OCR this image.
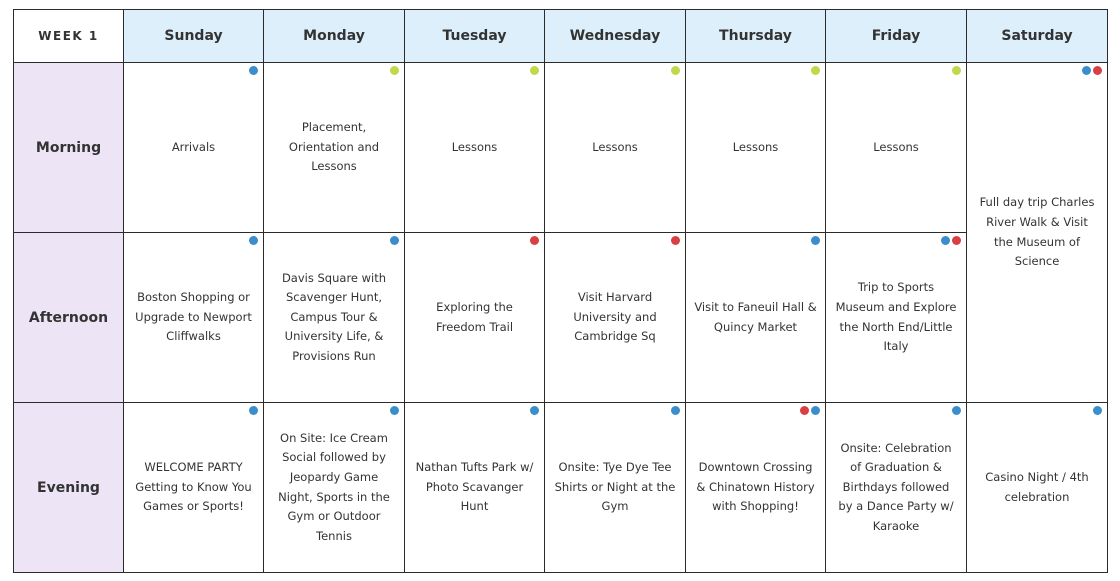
WEEK 1	Sunday	Monday	Tuesday	Wednesday	Thursday	Friday	Saturday
Morning	Arrivals	Placement, Orientation and Lessons	Lessons	Lessons	Lessons	Lessons	Full day trip Charles River Walk & Visit the Museum of Science

Afternoon	Boston Shopping or Upgrade to Newport Cliffwalks	Davis Square with Scavenger Hunt, Campus Tour & University Life, & Provisions Run	Exploring the Freedom Trail	Visit Harvard University and Cambridge Sq	Visit to Faneuil Hall & Quincy Market	Trip to Sports Museum and Explore the North End/Little Italy	

Evening	WELCOME PARTY Getting to Know You Games or Sports!	On Site: Ice Cream Social followed by Jeopardy Game Night, Sports in the Gym or Outdoor Tennis	Nathan Tufts Park w/ Photo Scavanger Hunt	Onsite: Tye Dye Tee Shirts or Night at the Gym	Downtown Crossing & Chinatown History with Shopping!	Onsite: Celebration of Graduation & Birthdays followed by a Dance Party w/ Karaoke	Casino Night / 4th celebration
